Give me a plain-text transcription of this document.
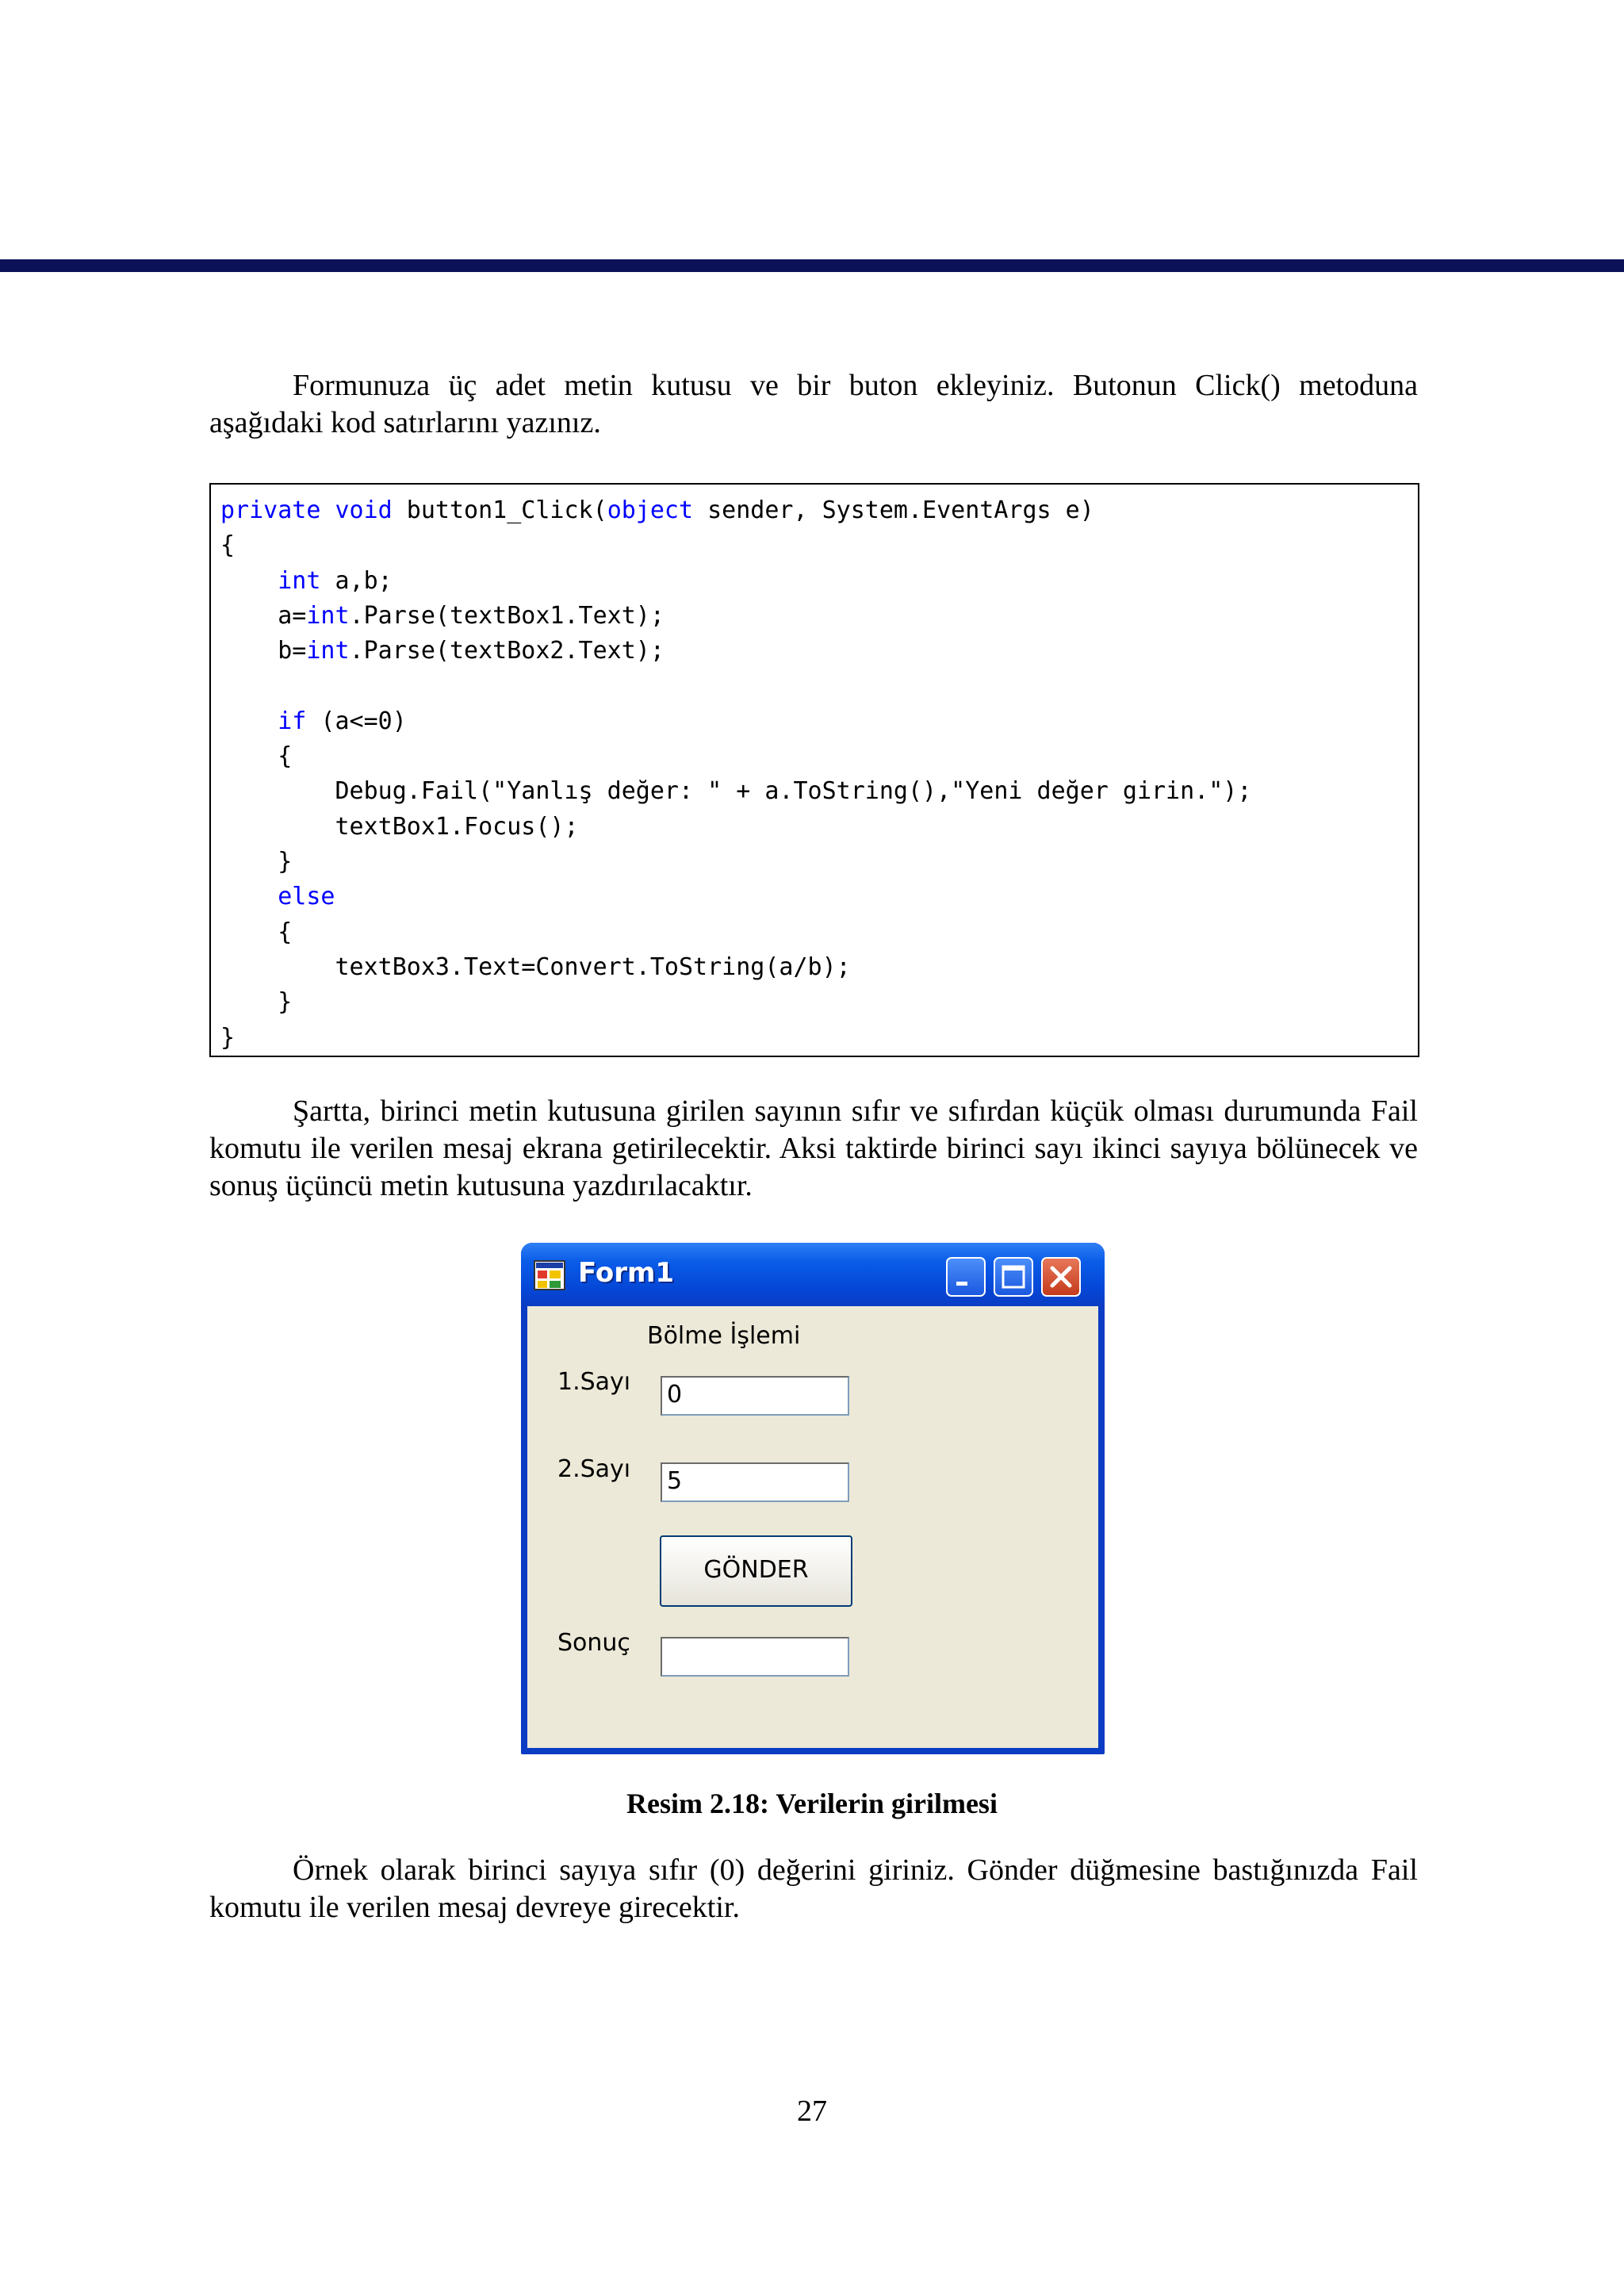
Formunuza üç adet metin kutusu ve bir buton ekleyiniz. Butonun Click() metoduna aşağıdaki kod satırlarını yazınız.

private void button1_Click(object sender, System.EventArgs e)
{
int a,b;
a=int.Parse(textBox1.Text);
b=int.Parse(textBox2.Text);
if (a<=0)
{
Debug.Fail("Yanlış değer: " + a.ToString(),"Yeni değer girin.");
textBox1.Focus();
}
else
{
textBox3.Text=Convert.ToString(a/b);
}
}

Şartta, birinci metin kutusuna girilen sayının sıfır ve sıfırdan küçük olması durumunda Fail komutu ile verilen mesaj ekrana getirilecektir. Aksi taktirde birinci sayı ikinci sayıya bölünecek ve sonuş üçüncü metin kutusuna yazdırılacaktır.

Form1
Bölme İşlemi
1.Sayı 0
2.Sayı 5
GÖNDER
Sonuç
Resim 2.18: Verilerin girilmesi

Örnek olarak birinci sayıya sıfır (0) değerini giriniz. Gönder düğmesine bastığınızda Fail komutu ile verilen mesaj devreye girecektir.

27
